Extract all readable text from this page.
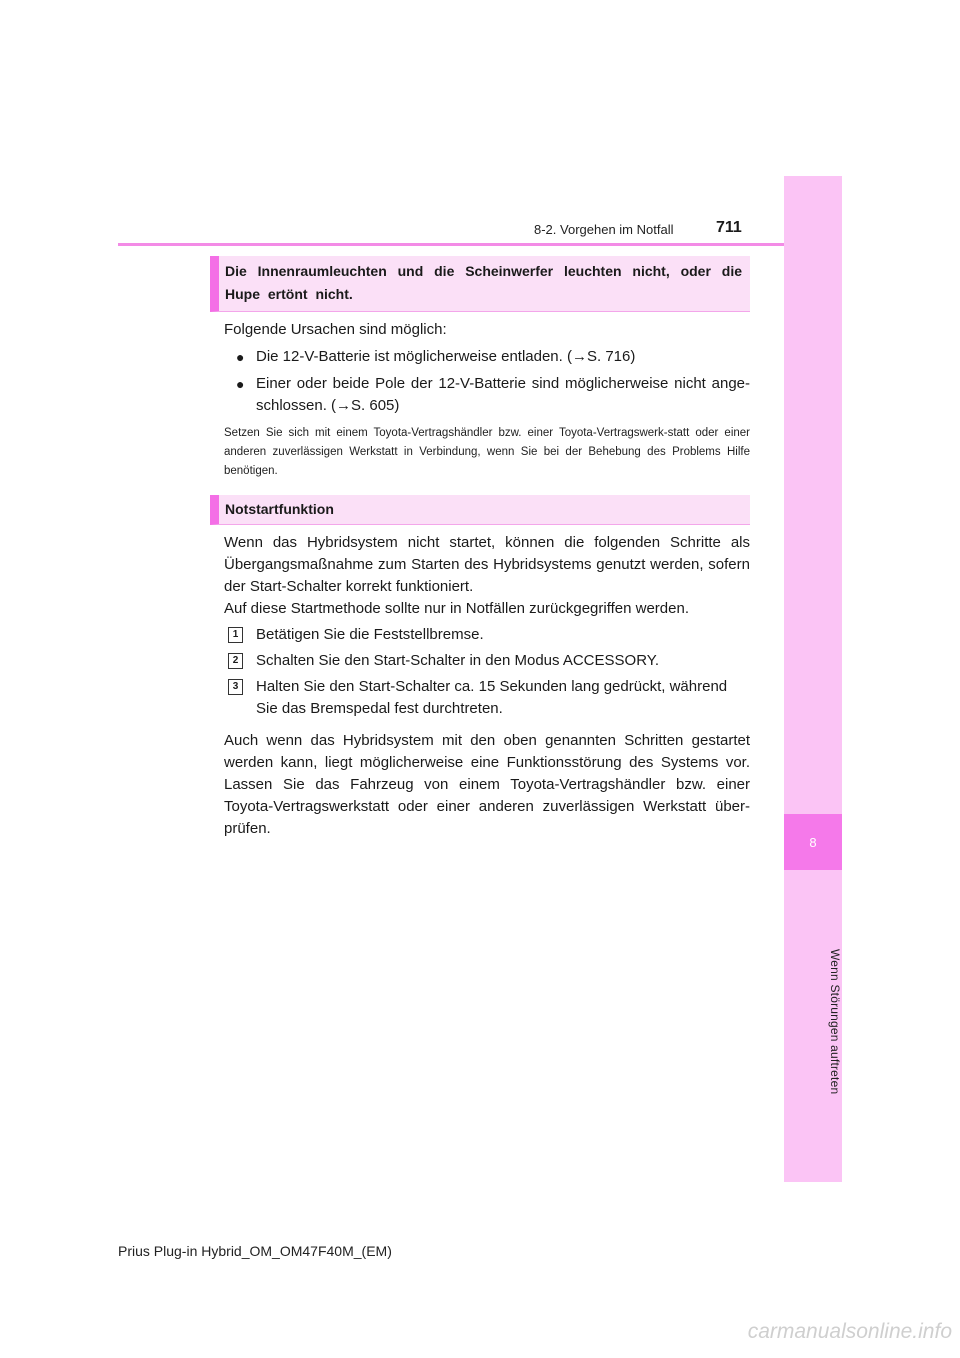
8
Wenn Störungen auftreten
8-2. Vorgehen im Notfall	711
Die Innenraumleuchten und die Scheinwerfer leuchten nicht, oder die Hupe ertönt nicht.

Folgende Ursachen sind möglich:

● Die 12-V-Batterie ist möglicherweise entladen. (→S. 716)
● Einer oder beide Pole der 12-V-Batterie sind möglicherweise nicht ange-schlossen. (→S. 605)
Setzen Sie sich mit einem Toyota-Vertragshändler bzw. einer Toyota-Vertragswerk-statt oder einer anderen zuverlässigen Werkstatt in Verbindung, wenn Sie bei der Behebung des Problems Hilfe benötigen.
Notstartfunktion

Wenn das Hybridsystem nicht startet, können die folgenden Schritte als Übergangsmaßnahme zum Starten des Hybridsystems genutzt werden, sofern der Start-Schalter korrekt funktioniert.

Auf diese Startmethode sollte nur in Notfällen zurückgegriffen werden.

1	Betätigen Sie die Feststellbremse.
2	Schalten Sie den Start-Schalter in den Modus ACCESSORY.
3	Halten Sie den Start-Schalter ca. 15 Sekunden lang gedrückt, während Sie das Bremspedal fest durchtreten.

Auch wenn das Hybridsystem mit den oben genannten Schritten gestartet werden kann, liegt möglicherweise eine Funktionsstörung des Systems vor. Lassen Sie das Fahrzeug von einem Toyota-Vertragshändler bzw. einer Toyota-Vertragswerkstatt oder einer anderen zuverlässigen Werkstatt über-prüfen.

Prius Plug-in Hybrid_OM_OM47F40M_(EM)
carmanualsonline.info
